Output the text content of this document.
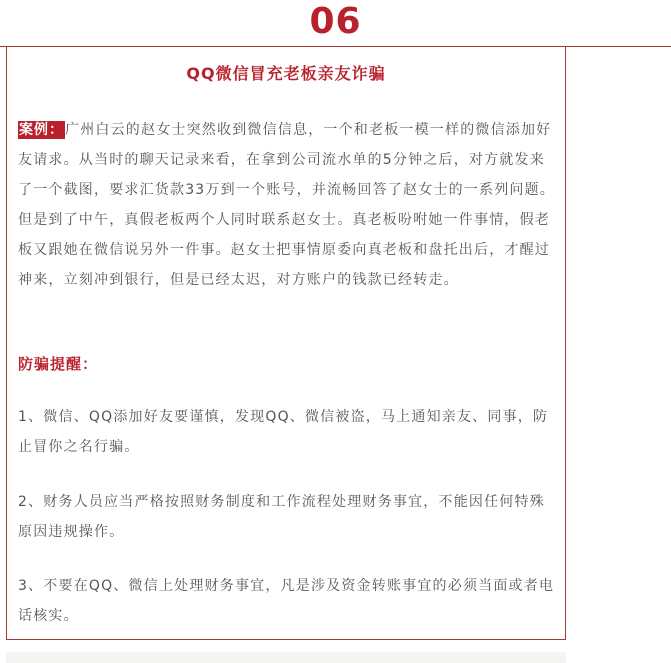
06
QQ微信冒充老板亲友诈骗

案例：广州白云的赵女士突然收到微信信息，一个和老板一模一样的微信添加好友请求。从当时的聊天记录来看，在拿到公司流水单的5分钟之后，对方就发来了一个截图，要求汇货款33万到一个账号，并流畅回答了赵女士的一系列问题。但是到了中午，真假老板两个人同时联系赵女士。真老板吩咐她一件事情，假老板又跟她在微信说另外一件事。赵女士把事情原委向真老板和盘托出后，才醒过神来，立刻冲到银行，但是已经太迟，对方账户的钱款已经转走。

防骗提醒：

1、微信、QQ添加好友要谨慎，发现QQ、微信被盗，马上通知亲友、同事，防止冒你之名行骗。

2、财务人员应当严格按照财务制度和工作流程处理财务事宜，不能因任何特殊原因违规操作。

3、不要在QQ、微信上处理财务事宜，凡是涉及资金转账事宜的必须当面或者电话核实。
